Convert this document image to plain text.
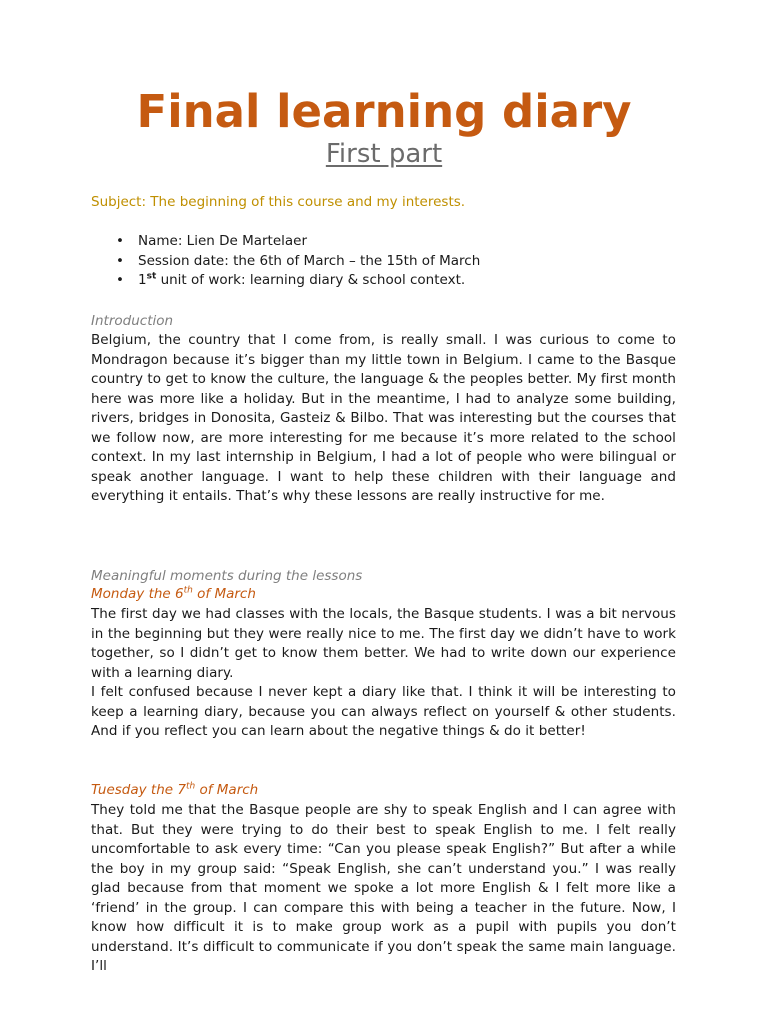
Final learning diary
First part
Subject: The beginning of this course and my interests.
• Name: Lien De Martelaer
• Session date: the 6th of March – the 15th of March
• 1st unit of work: learning diary & school context.
Introduction

Belgium, the country that I come from, is really small. I was curious to come to Mondragon because it’s bigger than my little town in Belgium. I came to the Basque country to get to know the culture, the language & the peoples better. My first month here was more like a holiday. But in the meantime, I had to analyze some building, rivers, bridges in Donosita, Gasteiz & Bilbo. That was interesting but the courses that we follow now, are more interesting for me because it’s more related to the school context. In my last internship in Belgium, I had a lot of people who were bilingual or speak another language. I want to help these children with their language and everything it entails. That’s why these lessons are really instructive for me.

Meaningful moments during the lessons
Monday the 6th of March

The first day we had classes with the locals, the Basque students. I was a bit nervous in the beginning but they were really nice to me. The first day we didn’t have to work together, so I didn’t get to know them better. We had to write down our experience with a learning diary.

I felt confused because I never kept a diary like that. I think it will be interesting to keep a learning diary, because you can always reflect on yourself & other students. And if you reflect you can learn about the negative things & do it better!

Tuesday the 7th of March

They told me that the Basque people are shy to speak English and I can agree with that. But they were trying to do their best to speak English to me. I felt really uncomfortable to ask every time: “Can you please speak English?” But after a while the boy in my group said: “Speak English, she can’t understand you.” I was really glad because from that moment we spoke a lot more English & I felt more like a ‘friend’ in the group. I can compare this with being a teacher in the future. Now, I know how difficult it is to make group work as a pupil with pupils you don’t understand. It’s difficult to communicate if you don’t speak the same main language. I’ll
